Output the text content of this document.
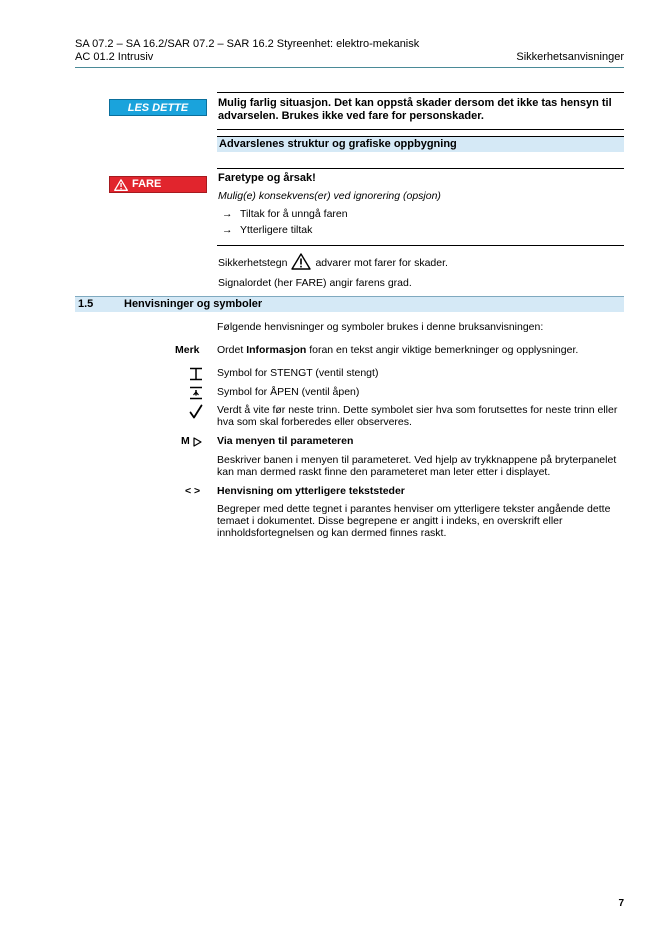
SA 07.2 – SA 16.2/SAR 07.2 – SAR 16.2 Styreenhet: elektro-mekanisk
AC 01.2 Intrusiv	Sikkerhetsanvisninger
LES DETTE	Mulig farlig situasjon. Det kan oppstå skader dersom det ikke tas hensyn til advarselen. Brukes ikke ved fare for personskader.
Advarslenes struktur og grafiske oppbygning
FARE	Faretype og årsak!
Mulig(e) konsekvens(er) ved ignorering (opsjon)
→ Tiltak for å unngå faren
→ Ytterligere tiltak
Sikkerhetstegn	advarer mot farer for skader.
Signalordet (her FARE) angir farens grad.
1.5	Henvisninger og symboler
Følgende henvisninger og symboler brukes i denne bruksanvisningen:
Merk Ordet Informasjon foran en tekst angir viktige bemerkninger og opplysninger.
Symbol for STENGT (ventil stengt)
Symbol for ÅPEN (ventil åpen)
Verdt å vite før neste trinn. Dette symbolet sier hva som forutsettes for neste trinn eller hva som skal forberedes eller observeres.
M	Via menyen til parameteren
Beskriver banen i menyen til parameteret. Ved hjelp av trykknappene på bryterpanelet kan man dermed raskt finne den parameteret man leter etter i displayet.
< > Henvisning om ytterligere tekststeder
Begreper med dette tegnet i parantes henviser om ytterligere tekster angående dette temaet i dokumentet. Disse begrepene er angitt i indeks, en overskrift eller innholdsfortegnelsen og kan dermed finnes raskt.
7
